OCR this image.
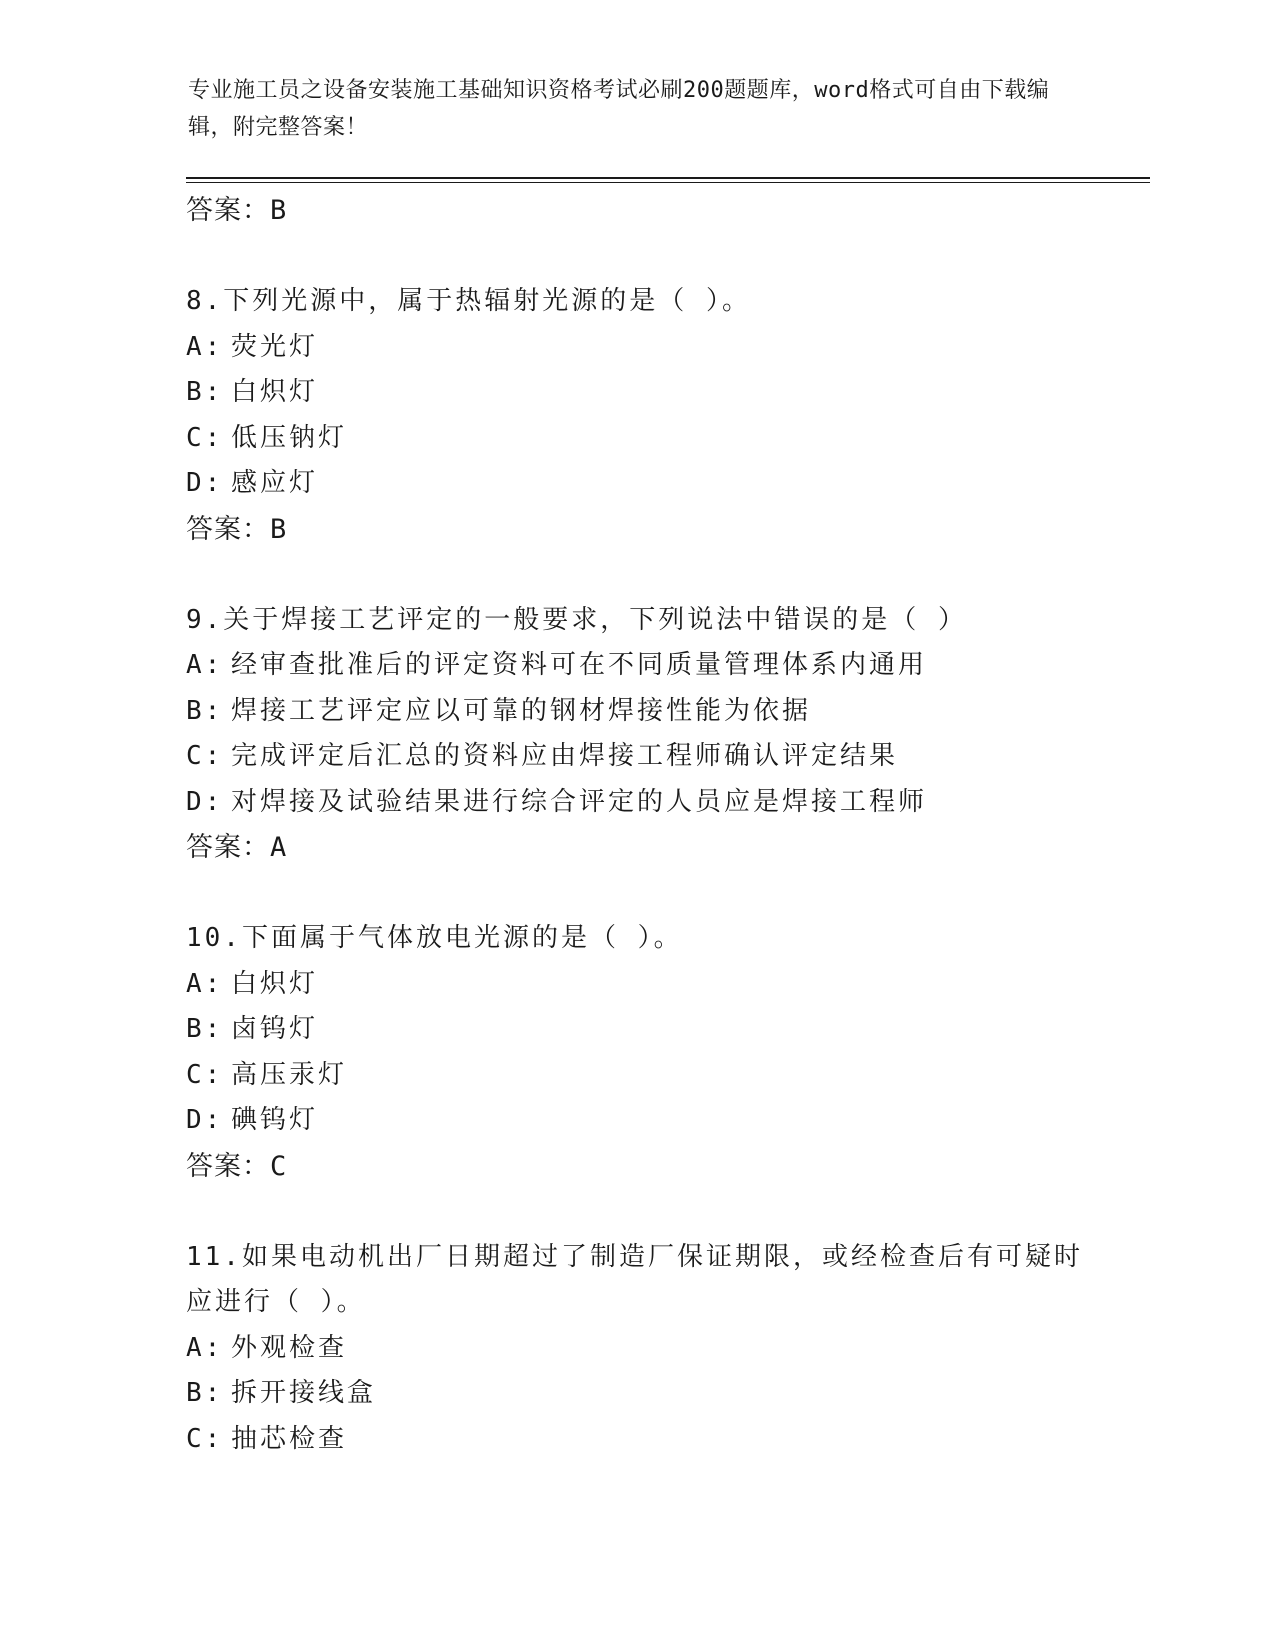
专业施工员之设备安装施工基础知识资格考试必刷200题题库，word格式可自由下载编辑，附完整答案！
答案：B
8.下列光源中，属于热辐射光源的是（ ）。
A: 荧光灯
B: 白炽灯
C: 低压钠灯
D: 感应灯
答案：B
9.关于焊接工艺评定的一般要求，下列说法中错误的是（ ）
A: 经审查批准后的评定资料可在不同质量管理体系内通用
B: 焊接工艺评定应以可靠的钢材焊接性能为依据
C: 完成评定后汇总的资料应由焊接工程师确认评定结果
D: 对焊接及试验结果进行综合评定的人员应是焊接工程师
答案：A
10.下面属于气体放电光源的是（ ）。
A: 白炽灯
B: 卤钨灯
C: 高压汞灯
D: 碘钨灯
答案：C
11.如果电动机出厂日期超过了制造厂保证期限，或经检查后有可疑时应进行（ ）。
A: 外观检查
B: 拆开接线盒
C: 抽芯检查
